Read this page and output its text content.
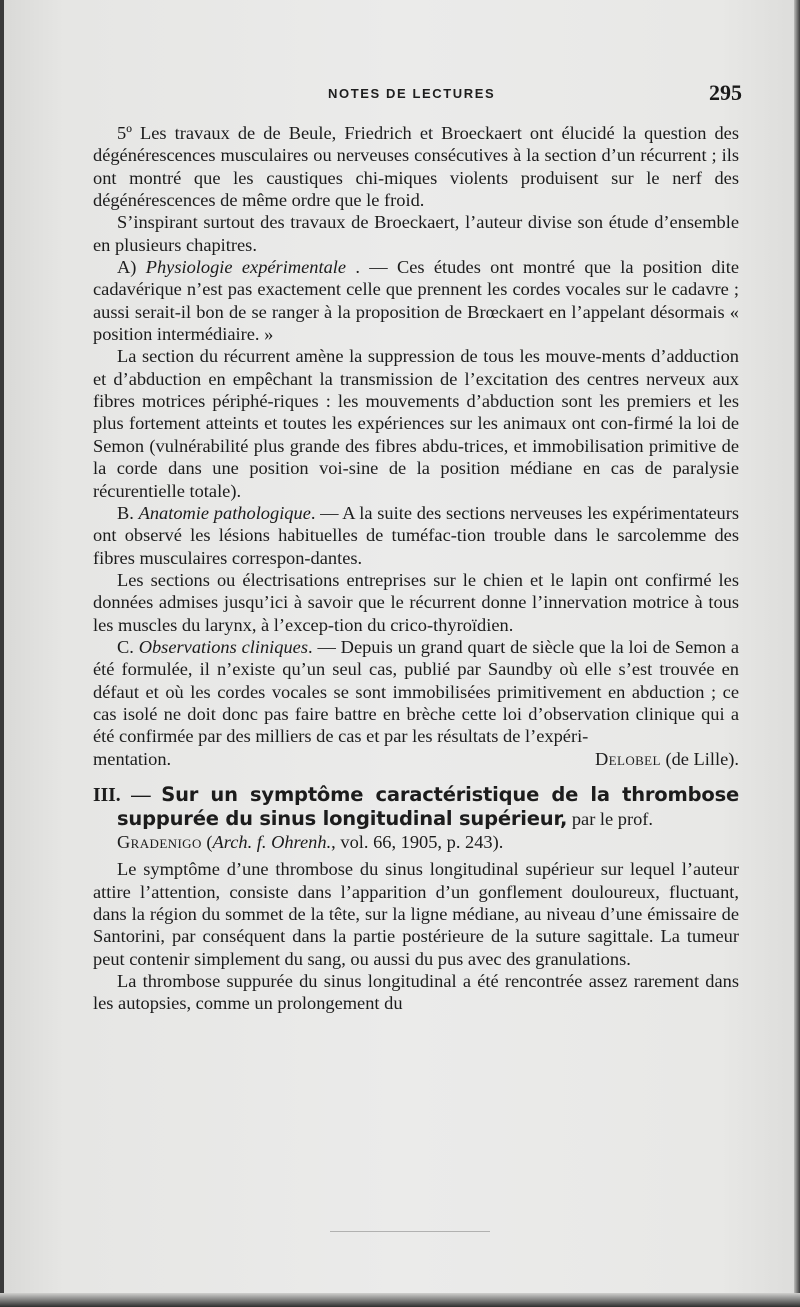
NOTES DE LECTURES	295

5º Les travaux de de Beule, Friedrich et Broeckaert ont élucidé la question des dégénérescences musculaires ou nerveuses consécutives à la section d’un récurrent ; ils ont montré que les caustiques chi-miques violents produisent sur le nerf des dégénérescences de même ordre que le froid.

S’inspirant surtout des travaux de Broeckaert, l’auteur divise son étude d’ensemble en plusieurs chapitres.

A) Physiologie expérimentale . — Ces études ont montré que la position dite cadavérique n’est pas exactement celle que prennent les cordes vocales sur le cadavre ; aussi serait-il bon de se ranger à la proposition de Brœckaert en l’appelant désormais « position intermédiaire. »

La section du récurrent amène la suppression de tous les mouve-ments d’adduction et d’abduction en empêchant la transmission de l’excitation des centres nerveux aux fibres motrices périphé-riques : les mouvements d’abduction sont les premiers et les plus fortement atteints et toutes les expériences sur les animaux ont con-firmé la loi de Semon (vulnérabilité plus grande des fibres abdu-trices, et immobilisation primitive de la corde dans une position voi-sine de la position médiane en cas de paralysie récurentielle totale).

B. Anatomie pathologique. — A la suite des sections nerveuses les expérimentateurs ont observé les lésions habituelles de tuméfac-tion trouble dans le sarcolemme des fibres musculaires correspon-dantes.

Les sections ou électrisations entreprises sur le chien et le lapin ont confirmé les données admises jusqu’ici à savoir que le récurrent donne l’innervation motrice à tous les muscles du larynx, à l’excep-tion du crico-thyroïdien.

C. Observations cliniques. — Depuis un grand quart de siècle que la loi de Semon a été formulée, il n’existe qu’un seul cas, publié par Saundby où elle s’est trouvée en défaut et où les cordes vocales se sont immobilisées primitivement en abduction ; ce cas isolé ne doit donc pas faire battre en brèche cette loi d’observation clinique qui a été confirmée par des milliers de cas et par les résultats de l’expéri-

mentation.	Delobel (de Lille).

III. — Sur un symptôme caractéristique de la thrombose suppurée du sinus longitudinal supérieur, par le prof.

Gradenigo (Arch. f. Ohrenh., vol. 66, 1905, p. 243).

Le symptôme d’une thrombose du sinus longitudinal supérieur sur lequel l’auteur attire l’attention, consiste dans l’apparition d’un gonflement douloureux, fluctuant, dans la région du sommet de la tête, sur la ligne médiane, au niveau d’une émissaire de Santorini, par conséquent dans la partie postérieure de la suture sagittale. La tumeur peut contenir simplement du sang, ou aussi du pus avec des granulations.

La thrombose suppurée du sinus longitudinal a été rencontrée assez rarement dans les autopsies, comme un prolongement du
